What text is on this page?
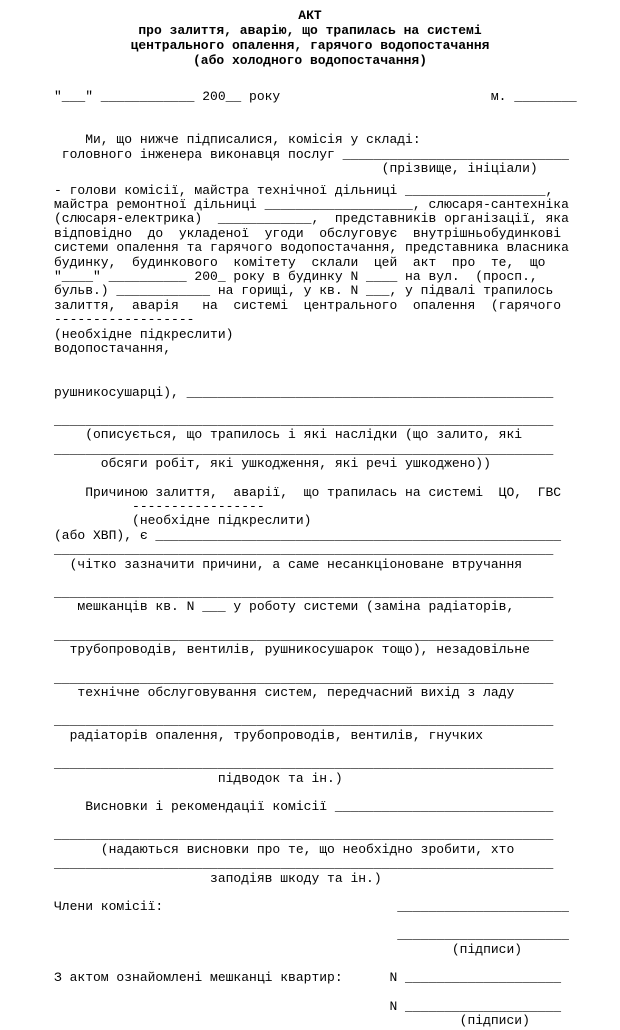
АКТ
про залиття, аварію, що трапилась на системі
центрального опалення, гарячого водопостачання
(або холодного водопостачання)
"___" ____________ 200__ року                           м. ________
Ми, що нижче підписалися, комісія у складі:
головного інженера виконавця послуг _____________________________
(прізвище, ініціали)
- голови комісії, майстра технічної дільниці __________________,
майстра ремонтної дільниці ___________________, слюсаря-сантехніка
(слюсаря-електрика)  ____________,  представників організації, яка
відповідно  до  укладеної  угоди  обслуговує  внутрішньобудинкові
системи опалення та гарячого водопостачання, представника власника
будинку,  будинкового  комітету  склали  цей  акт  про  те,  що
"____" __________ 200_ року в будинку N ____ на вул.  (просп.,
бульв.) ____________ на горищі, у кв. N ___, у підвалі трапилось
залиття,  аварія   на  системі  центрального  опалення  (гарячого
------------------
(необхідне підкреслити)
водопостачання,
рушникосушарці), _______________________________________________
________________________________________________________________
(описується, що трапилось і які наслідки (що залито, які
________________________________________________________________
обсяги робіт, які ушкодження, які речі ушкоджено))
Причиною залиття,  аварії,  що трапилась на системі  ЦО,  ГВС
-----------------
(необхідне підкреслити)
(або ХВП), є ____________________________________________________
________________________________________________________________
(чітко зазначити причини, а саме несанкціоноване втручання
________________________________________________________________
мешканців кв. N ___ у роботу системи (заміна радіаторів,
________________________________________________________________
трубопроводів, вентилів, рушникосушарок тощо), незадовільне
________________________________________________________________
технічне обслуговування систем, передчасний вихід з ладу
________________________________________________________________
радіаторів опалення, трубопроводів, вентилів, гнучких
________________________________________________________________
підводок та ін.)
Висновки і рекомендації комісії ____________________________
________________________________________________________________
(надаються висновки про те, що необхідно зробити, хто
________________________________________________________________
заподіяв шкоду та ін.)
Члени комісії:                              ______________________
______________________
(підписи)
З актом ознайомлені мешканці квартир:      N ____________________
N ____________________
(підписи)
